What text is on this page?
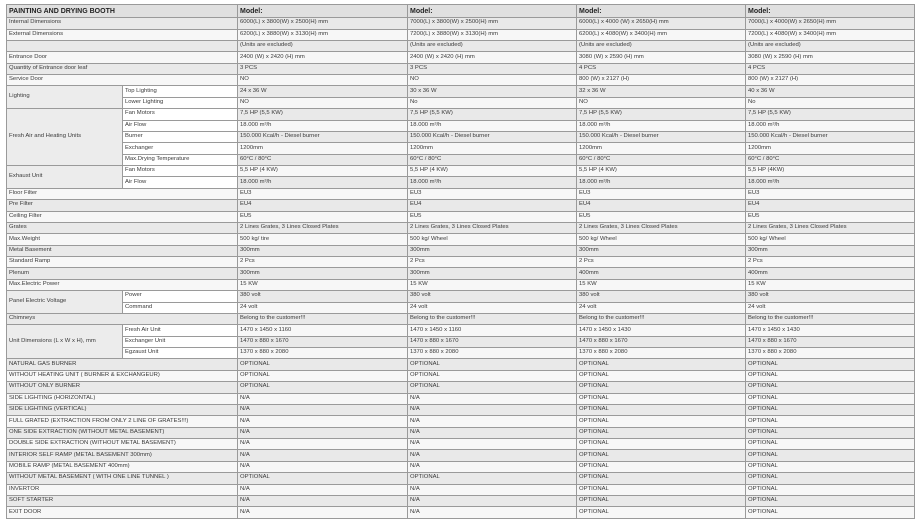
PAINTING AND DRYING BOOTH		Model:	Model:	Model:	Model:
Internal Dimensions		6000(L) x 3800(W) x 2500(H) mm	7000(L) x 3800(W) x 2500(H) mm	6000(L) x 4000 (W) x 2650(H) mm	7000(L) x 4000(W) x 2650(H) mm
External Dimensions		6200(L) x 3880(W) x 3130(H) mm	7200(L) x 3880(W) x 3130(H) mm	6200(L) x 4080(W) x 3400(H) mm	7200(L) x 4080(W) x 3400(H) mm
		(Units are excluded)	(Units are excluded)	(Units are excluded)	(Units are excluded)
Entrance Door		2400 (W) x 2420 (H) mm	2400 (W) x 2420 (H) mm	3080 (W) x 2590 (H) mm	3080 (W) x 2590 (H) mm
Quantity of Entrance door leaf		3 PCS	3 PCS	4 PCS	4 PCS
Service Door		NO	NO	800 (W) x 2127 (H)	800 (W) x 2127 (H)
Lighting	Top Lighting	24 x 36 W	30 x 36 W	32 x 36 W	40 x 36 W
	Lower Lighting	NO	No	NO	No
Fresh Air and Heating Units	Fan Motors	7,5 HP (5,5 KW)	7,5 HP (5,5 KW)	7,5 HP (5,5 KW)	7,5 HP (5,5 KW)
	Air Flow	18.000 m³/h	18.000 m³/h	18.000 m³/h	18.000 m³/h
	Burner	150.000 Kcal/h - Diesel burner	150.000 Kcal/h - Diesel burner	150.000 Kcal/h - Diesel burner	150.000 Kcal/h - Diesel burner
	Exchanger	1200mm	1200mm	1200mm	1200mm
	Max.Drying Temperature	60°C / 80°C	60°C / 80°C	60°C / 80°C	60°C / 80°C
Exhaust Unit	Fan Motors	5,5 HP (4 KW)	5,5 HP (4 KW)	5,5 HP (4 KW)	5,5 HP (4KW)
	Air Flow	18.000 m³/h	18.000 m³/h	18.000 m³/h	18.000 m³/h
Floor Filter		EU3	EU3	EU3	EU3
Pre Filter		EU4	EU4	EU4	EU4
Ceiling Filter		EU5	EU5	EU5	EU5
Grates		2 Lines Grates, 3 Lines Closed Plates	2 Lines Grates, 3 Lines Closed Plates	2 Lines Grates, 3 Lines Closed Plates	2 Lines Grates, 3 Lines Closed Plates
Max.Weight		500 kg/ tire	500 kg/ Wheel	500 kg/ Wheel	500 kg/ Wheel
Metal Basement		300mm	300mm	300mm	300mm
Standard Ramp		2 Pcs	2 Pcs	2 Pcs	2 Pcs
Plenum		300mm	300mm	400mm	400mm
Max.Electric Power		15 KW	15 KW	15 KW	15 KW
Panel Electric Voltage	Power	380 volt	380 volt	380 volt	380 volt
	Command	24 volt	24 volt	24 volt	24 volt
Chimneys		Belong to the customer!!!	Belong to the customer!!!	Belong to the customer!!!	Belong to the customer!!!
Unit Dimensions (L x W x H), mm	Fresh Air Unit	1470 x 1450 x 1160	1470 x 1450 x 1160	1470 x 1450 x 1430	1470 x 1450 x 1430
	Exchanger Unit	1470 x 880 x 1670	1470 x 880 x 1670	1470 x 880 x 1670	1470 x 880 x 1670
	Egzaust Unit	1370 x 880 x 2080	1370 x 880 x 2080	1370 x 880 x 2080	1370 x 880 x 2080
NATURAL GAS BURNER		OPTIONAL	OPTIONAL	OPTIONAL	OPTIONAL
WITHOUT HEATING UNIT ( BURNER & EXCHANGEUR)		OPTIONAL	OPTIONAL	OPTIONAL	OPTIONAL
WITHOUT ONLY BURNER		OPTIONAL	OPTIONAL	OPTIONAL	OPTIONAL
SIDE LIGHTING (HORIZONTAL)		N/A	N/A	OPTIONAL	OPTIONAL
SIDE LIGHTING (VERTICAL)		N/A	N/A	OPTIONAL	OPTIONAL
FULL GRATED (EXTRACTION FROM ONLY 2 LINE OF GRATES!!!)		N/A	N/A	OPTIONAL	OPTIONAL
ONE SIDE EXTRACTION (WITHOUT METAL BASEMENT)		N/A	N/A	OPTIONAL	OPTIONAL
DOUBLE SIDE EXTRACTION (WITHOUT METAL BASEMENT)		N/A	N/A	OPTIONAL	OPTIONAL
INTERIOR SELF RAMP (METAL BASEMENT 300mm)		N/A	N/A	OPTIONAL	OPTIONAL
MOBILE RAMP (METAL BASEMENT 400mm)		N/A	N/A	OPTIONAL	OPTIONAL
WITHOUT METAL BASEMENT ( WITH ONE LINE TUNNEL )		OPTIONAL	OPTIONAL	OPTIONAL	OPTIONAL
INVERTOR		N/A	N/A	OPTIONAL	OPTIONAL
SOFT STARTER		N/A	N/A	OPTIONAL	OPTIONAL
EXIT DOOR		N/A	N/A	OPTIONAL	OPTIONAL
